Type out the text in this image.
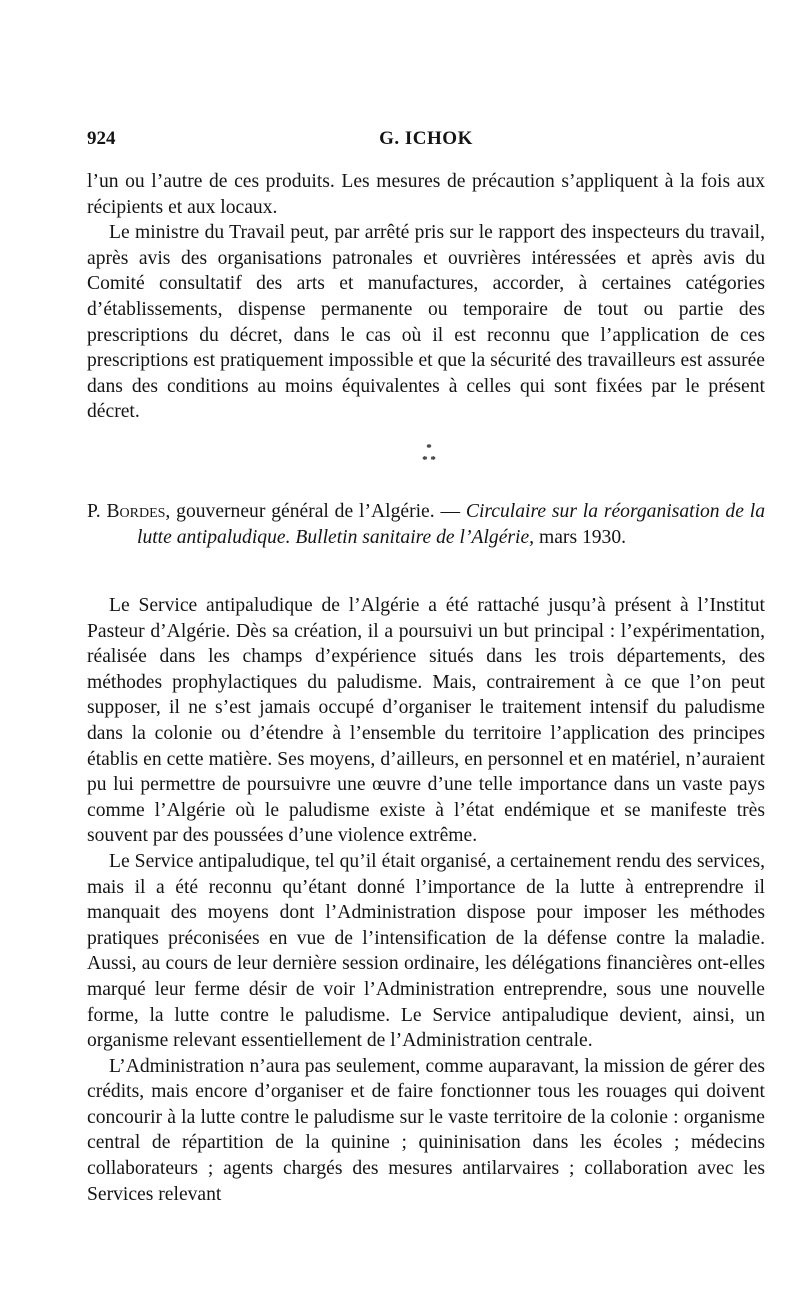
924	G. ICHOK

l’un ou l’autre de ces produits. Les mesures de précaution s’appliquent à la fois aux récipients et aux locaux.

Le ministre du Travail peut, par arrêté pris sur le rapport des inspecteurs du travail, après avis des organisations patronales et ouvrières intéressées et après avis du Comité consultatif des arts et manufactures, accorder, à certaines catégories d’établissements, dispense permanente ou temporaire de tout ou partie des prescriptions du décret, dans le cas où il est reconnu que l’application de ces prescriptions est pratiquement impossible et que la sécurité des travailleurs est assurée dans des conditions au moins équivalentes à celles qui sont fixées par le présent décret.

*
* *
P. Bordes, gouverneur général de l’Algérie. — Circulaire sur la réorganisation de la lutte antipaludique. Bulletin sanitaire de l’Algérie, mars 1930.

Le Service antipaludique de l’Algérie a été rattaché jusqu’à présent à l’Institut Pasteur d’Algérie. Dès sa création, il a poursuivi un but principal : l’expérimentation, réalisée dans les champs d’expérience situés dans les trois départements, des méthodes prophylactiques du paludisme. Mais, contrairement à ce que l’on peut supposer, il ne s’est jamais occupé d’organiser le traitement intensif du paludisme dans la colonie ou d’étendre à l’ensemble du territoire l’application des principes établis en cette matière. Ses moyens, d’ailleurs, en personnel et en matériel, n’auraient pu lui permettre de poursuivre une œuvre d’une telle importance dans un vaste pays comme l’Algérie où le paludisme existe à l’état endémique et se manifeste très souvent par des poussées d’une violence extrême.

Le Service antipaludique, tel qu’il était organisé, a certainement rendu des services, mais il a été reconnu qu’étant donné l’importance de la lutte à entreprendre il manquait des moyens dont l’Administration dispose pour imposer les méthodes pratiques préconisées en vue de l’intensification de la défense contre la maladie. Aussi, au cours de leur dernière session ordinaire, les délégations financières ont-elles marqué leur ferme désir de voir l’Administration entreprendre, sous une nouvelle forme, la lutte contre le paludisme. Le Service antipaludique devient, ainsi, un organisme relevant essentiellement de l’Administration centrale.

L’Administration n’aura pas seulement, comme auparavant, la mission de gérer des crédits, mais encore d’organiser et de faire fonctionner tous les rouages qui doivent concourir à la lutte contre le paludisme sur le vaste territoire de la colonie : organisme central de répartition de la quinine ; quininisation dans les écoles ; médecins collaborateurs ; agents chargés des mesures antilarvaires ; collaboration avec les Services relevant
